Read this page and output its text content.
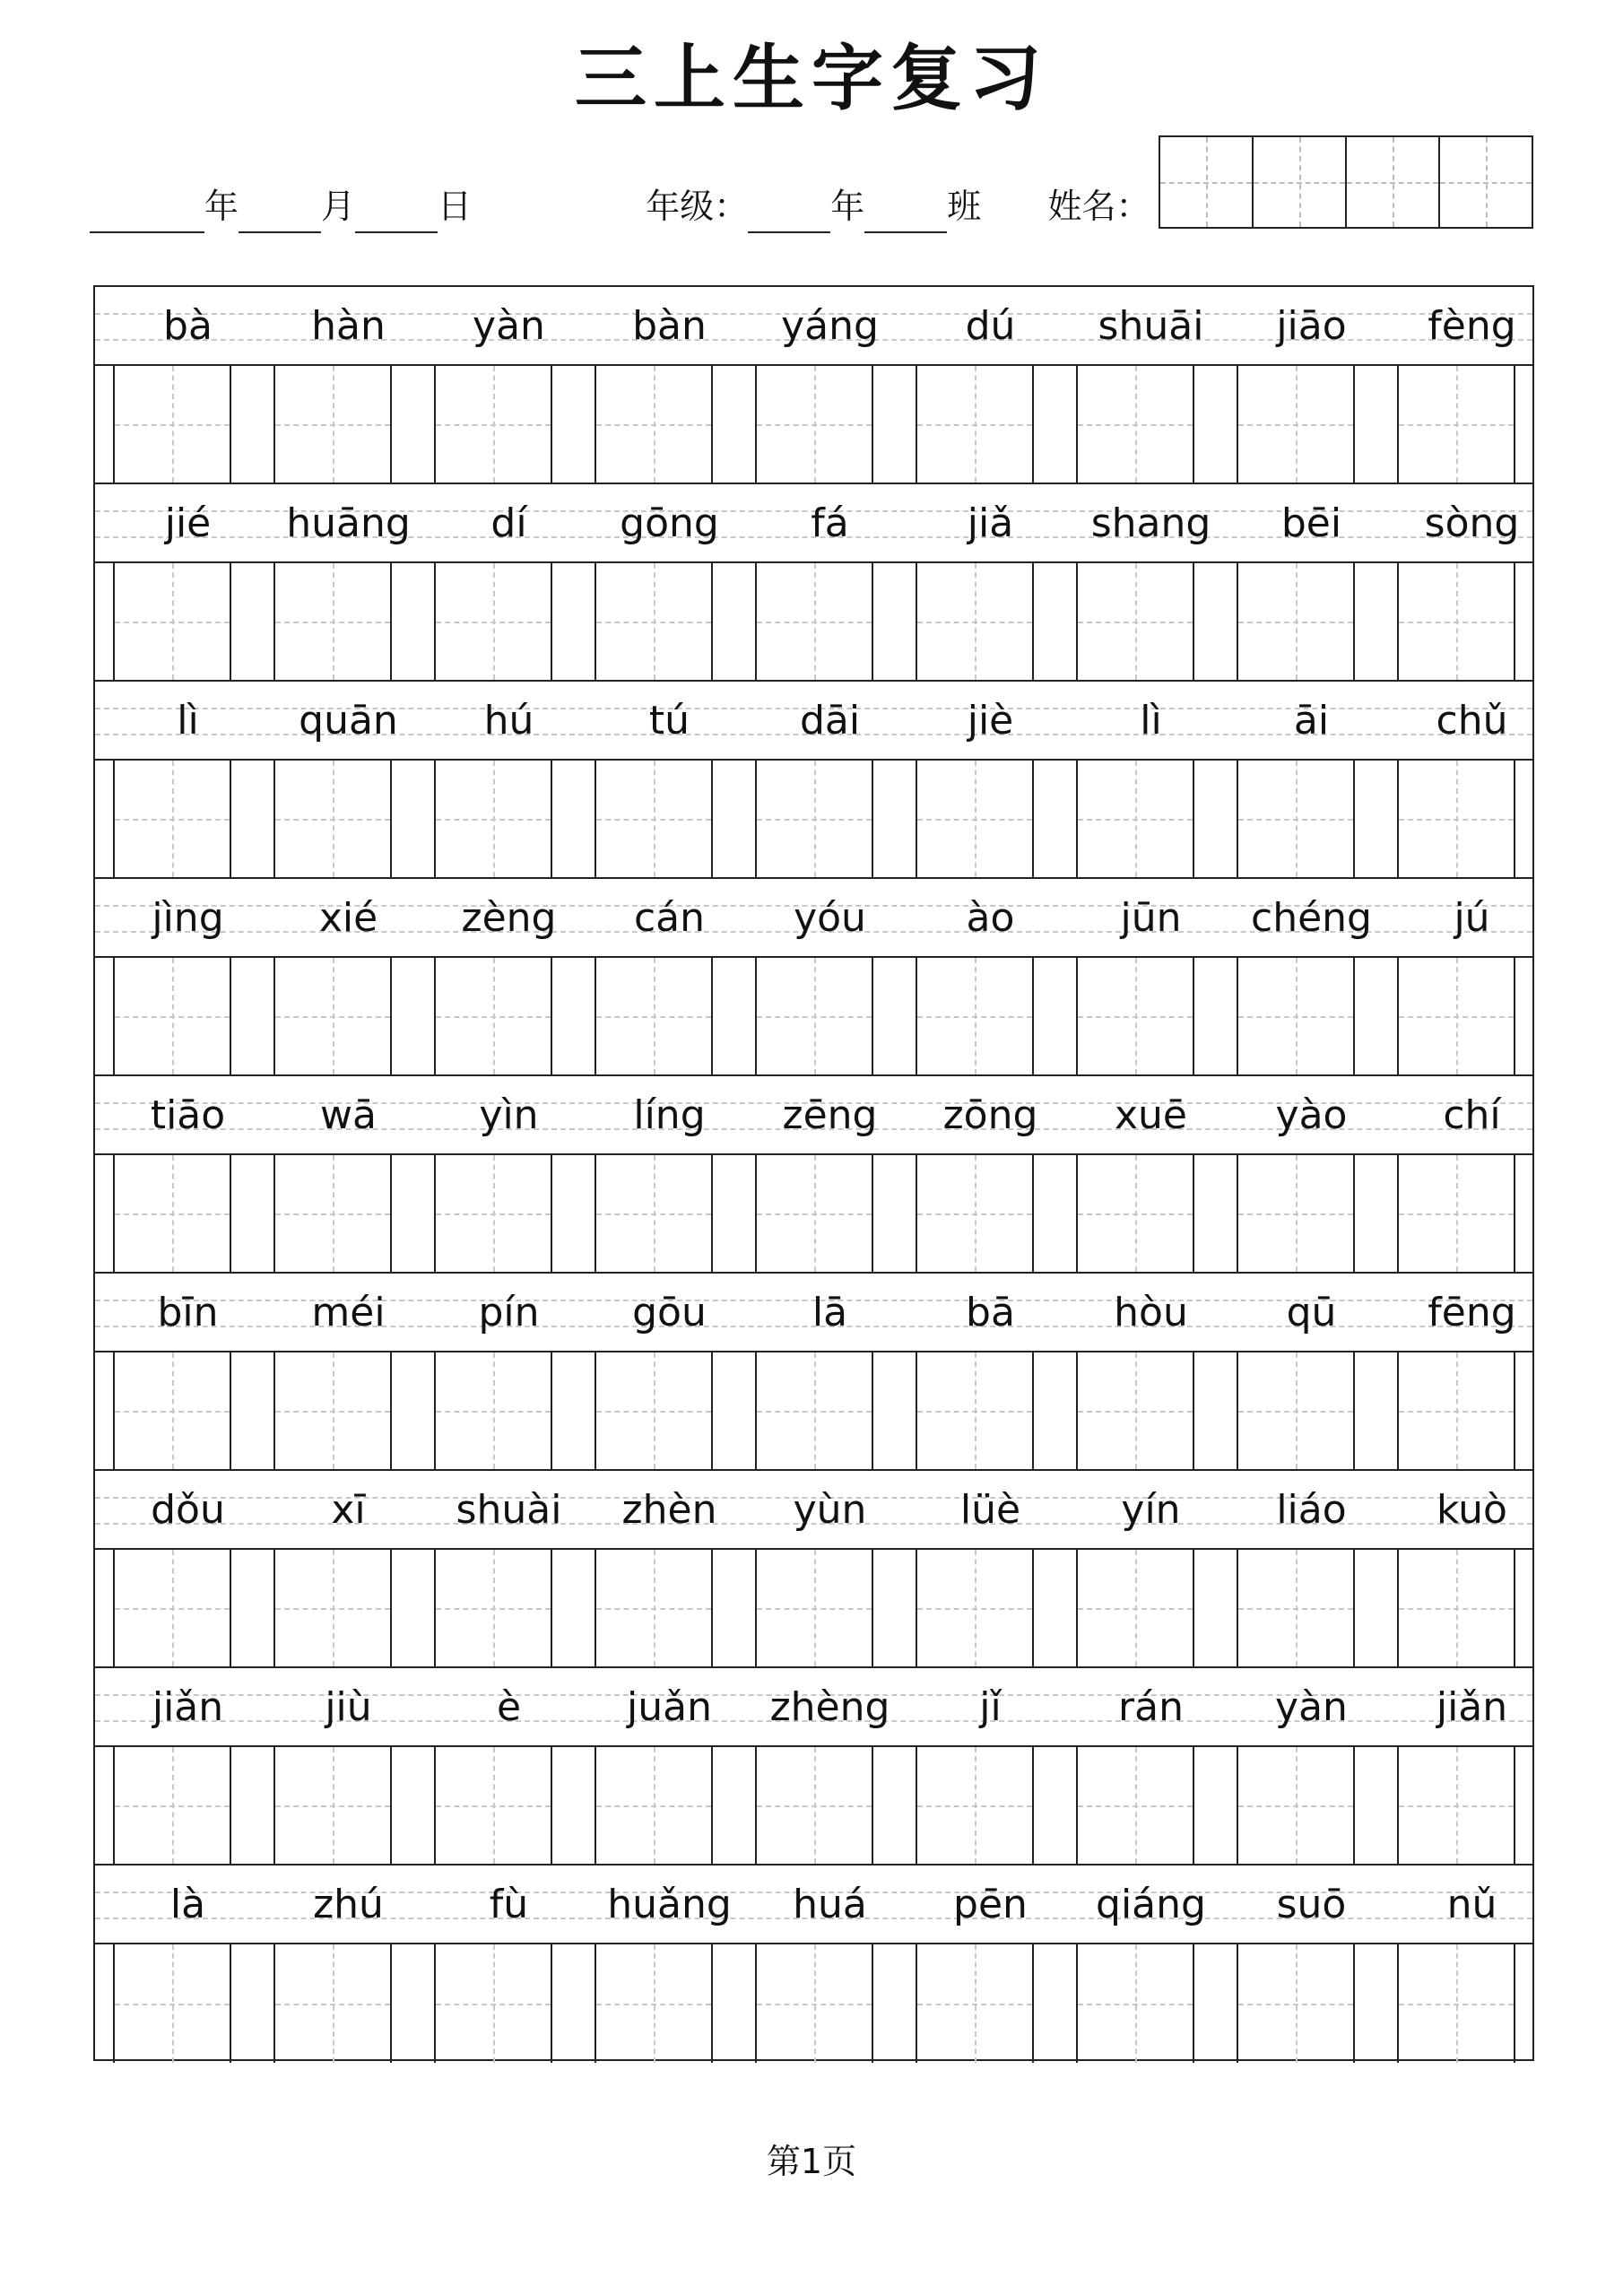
三上生字复习
年 月 日	年级： 年 班 姓名：
bà	hàn	yàn	bàn	yáng	dú	shuāi	jiāo	fèng
jié	huāng	dí	gōng	fá	jiǎ	shang	bēi	sòng
lì	quān	hú	tú	dāi	jiè	lì	āi	chǔ
jìng	xié	zèng	cán	yóu	ào	jūn	chéng	jú
tiāo	wā	yìn	líng	zēng	zōng	xuē	yào	chí
bīn	méi	pín	gōu	lā	bā	hòu	qū	fēng
dǒu	xī	shuài	zhèn	yùn	lüè	yín	liáo	kuò
jiǎn	jiù	è	juǎn	zhèng	jǐ	rán	yàn	jiǎn
là	zhú	fù	huǎng	huá	pēn	qiáng	suō	nǔ
第1页
